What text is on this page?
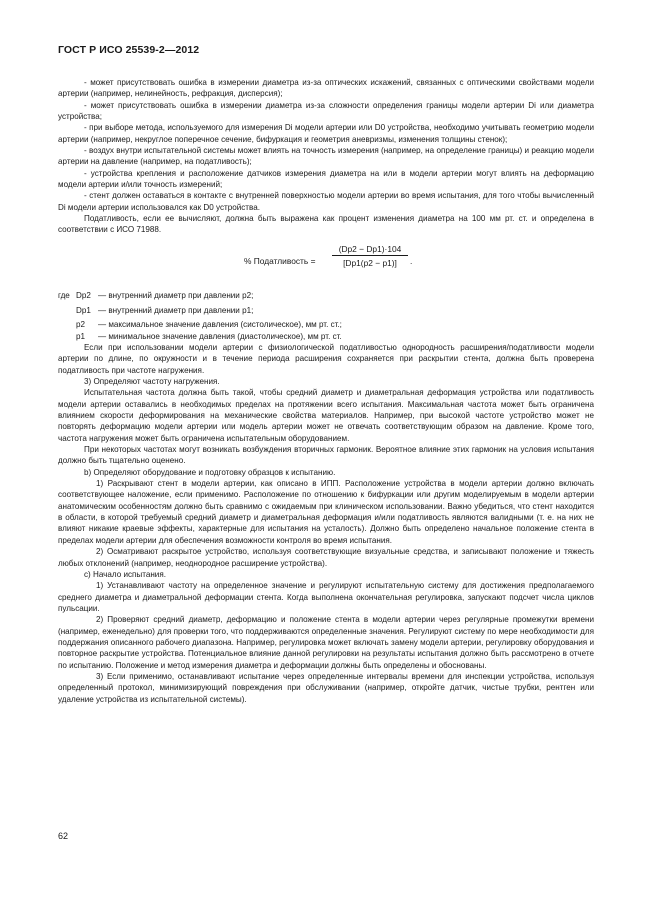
ГОСТ Р ИСО 25539-2—2012

- может присутствовать ошибка в измерении диаметра из-за оптических искажений, связанных с оптическими свойствами модели артерии (например, нелинейность, рефракция, дисперсия);

- может присутствовать ошибка в измерении диаметра из-за сложности определения границы модели артерии Di или диаметра устройства;

- при выборе метода, используемого для измерения Di модели артерии или D0 устройства, необходимо учитывать геометрию модели артерии (например, некруглое поперечное сечение, бифуркация и геометрия аневризмы, изменения толщины стенок);

- воздух внутри испытательной системы может влиять на точность измерения (например, на определение границы) и реакцию модели артерии на давление (например, на податливость);

- устройства крепления и расположение датчиков измерения диаметра на или в модели артерии могут влиять на деформацию модели артерии и/или точность измерений;

- стент должен оставаться в контакте с внутренней поверхностью модели артерии во время испытания, для того чтобы вычисленный Di модели артерии использовался как D0 устройства.

Податливость, если ее вычисляют, должна быть выражена как процент изменения диаметра на 100 мм рт. ст. и определена в соответствии с ИСО 71988.

% Податливость = $\frac{(Dp2 - Dp1)\cdot 104}{[Dp1(p2 - p1)]}$ .
где Dp2 — внутренний диаметр при давлении p2;
Dp1 — внутренний диаметр при давлении p1;
p2 — максимальное значение давления (систолическое), мм рт. ст.;
p1 — минимальное значение давления (диастолическое), мм рт. ст.

Если при использовании модели артерии с физиологической податливостью однородность расширения/податливости модели артерии по длине, по окружности и в течение периода расширения сохраняется при раскрытии стента, должна быть проверена податливость при частоте нагружения.

3) Определяют частоту нагружения.

Испытательная частота должна быть такой, чтобы средний диаметр и диаметральная деформация устройства или податливость модели артерии оставались в необходимых пределах на протяжении всего испытания. Максимальная частота может быть ограничена влиянием скорости деформирования на механические свойства материалов. Например, при высокой частоте устройство может не повторять деформацию модели артерии или модель артерии может не отвечать соответствующим образом на давление. Кроме того, частота нагружения может быть ограничена испытательным оборудованием.

При некоторых частотах могут возникать возбуждения вторичных гармоник. Вероятное влияние этих гармоник на условия испытания должно быть тщательно оценено.

b) Определяют оборудование и подготовку образцов к испытанию.

1) Раскрывают стент в модели артерии, как описано в ИПП. Расположение устройства в модели артерии должно включать соответствующее наложение, если применимо. Расположение по отношению к бифуркации или другим моделируемым в модели артерии анатомическим особенностям должно быть сравнимо с ожидаемым при клиническом использовании. Важно убедиться, что стент находится в области, в которой требуемый средний диаметр и диаметральная деформация и/или податливость являются валидными (т. е. на них не влияют никакие краевые эффекты, характерные для испытания на усталость). Должно быть определено начальное положение стента в пределах модели артерии для обеспечения возможности контроля во время испытания.

2) Осматривают раскрытое устройство, используя соответствующие визуальные средства, и записывают положение и тяжесть любых отклонений (например, неоднородное расширение устройства).

c) Начало испытания.

1) Устанавливают частоту на определенное значение и регулируют испытательную систему для достижения предполагаемого среднего диаметра и диаметральной деформации стента. Когда выполнена окончательная регулировка, запускают подсчет числа циклов пульсации.

2) Проверяют средний диаметр, деформацию и положение стента в модели артерии через регулярные промежутки времени (например, еженедельно) для проверки того, что поддерживаются определенные значения. Регулируют систему по мере необходимости для поддержания описанного рабочего диапазона. Например, регулировка может включать замену модели артерии, регулировку оборудования и повторное раскрытие устройства. Потенциальное влияние данной регулировки на результаты испытания должно быть рассмотрено в отчете по испытанию. Положение и метод измерения диаметра и деформации должны быть определены и обоснованы.

3) Если применимо, останавливают испытание через определенные интервалы времени для инспекции устройства, используя определенный протокол, минимизирующий повреждения при обслуживании (например, откройте датчик, чистые трубки, рентген или удаление устройства из испытательной системы).

62
